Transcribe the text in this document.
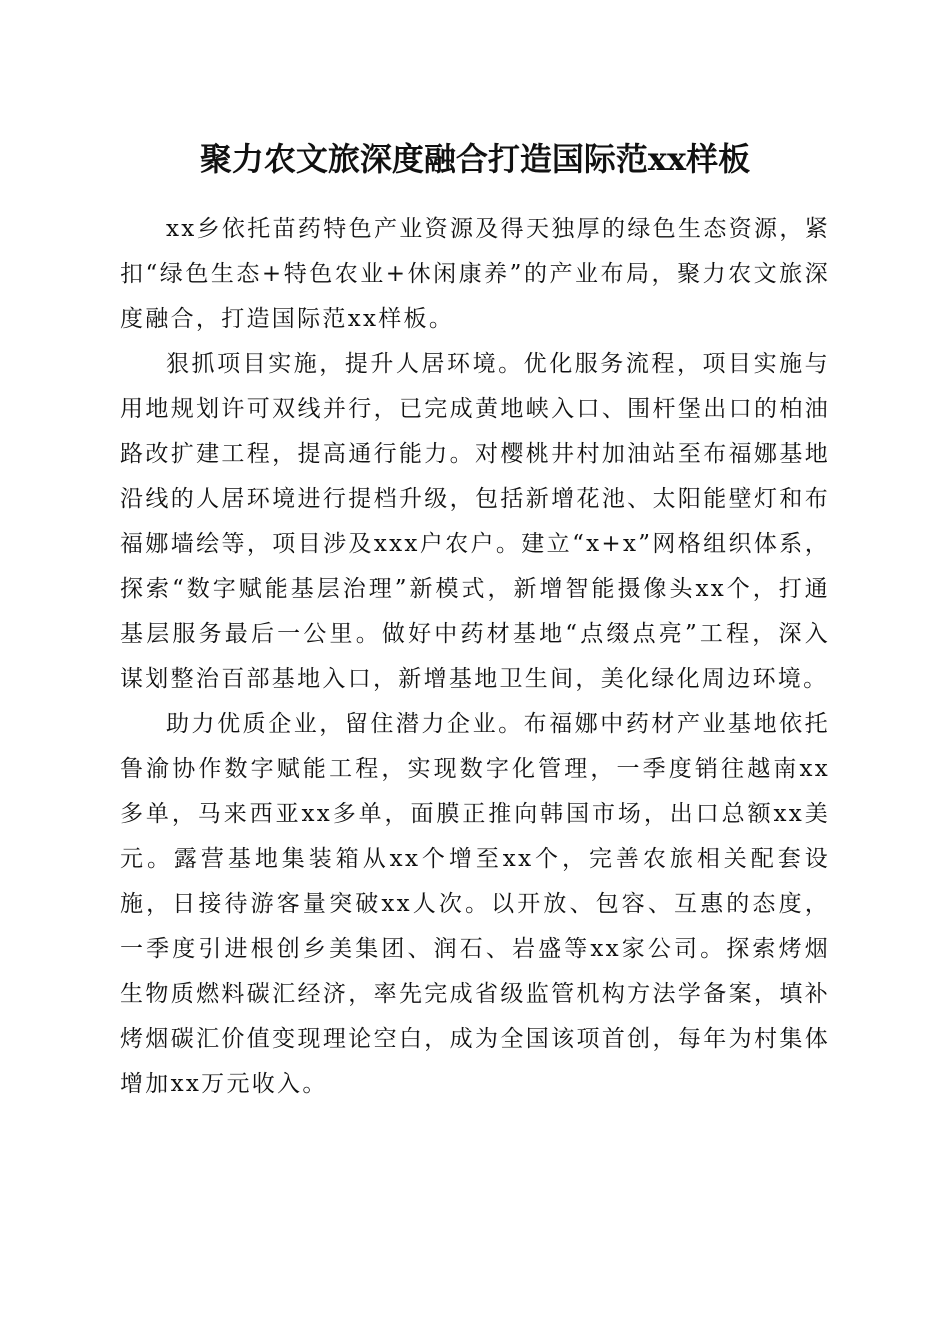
聚力农文旅深度融合打造国际范xx样板

xx乡依托苗药特色产业资源及得天独厚的绿色生态资源，紧扣“绿色生态+特色农业+休闲康养”的产业布局，聚力农文旅深度融合，打造国际范xx样板。

狠抓项目实施，提升人居环境。优化服务流程，项目实施与用地规划许可双线并行，已完成黄地峡入口、围杆堡出口的柏油路改扩建工程，提高通行能力。对樱桃井村加油站至布福娜基地沿线的人居环境进行提档升级，包括新增花池、太阳能壁灯和布福娜墙绘等，项目涉及xxx户农户。建立“x+x”网格组织体系，探索“数字赋能基层治理”新模式，新增智能摄像头xx个，打通基层服务最后一公里。做好中药材基地“点缀点亮”工程，深入谋划整治百部基地入口，新增基地卫生间，美化绿化周边环境。

助力优质企业，留住潜力企业。布福娜中药材产业基地依托鲁渝协作数字赋能工程，实现数字化管理，一季度销往越南xx多单，马来西亚xx多单，面膜正推向韩国市场，出口总额xx美元。露营基地集装箱从xx个增至xx个，完善农旅相关配套设施，日接待游客量突破xx人次。以开放、包容、互惠的态度，一季度引进根创乡美集团、润石、岩盛等xx家公司。探索烤烟生物质燃料碳汇经济，率先完成省级监管机构方法学备案，填补烤烟碳汇价值变现理论空白，成为全国该项首创，每年为村集体增加xx万元收入。
